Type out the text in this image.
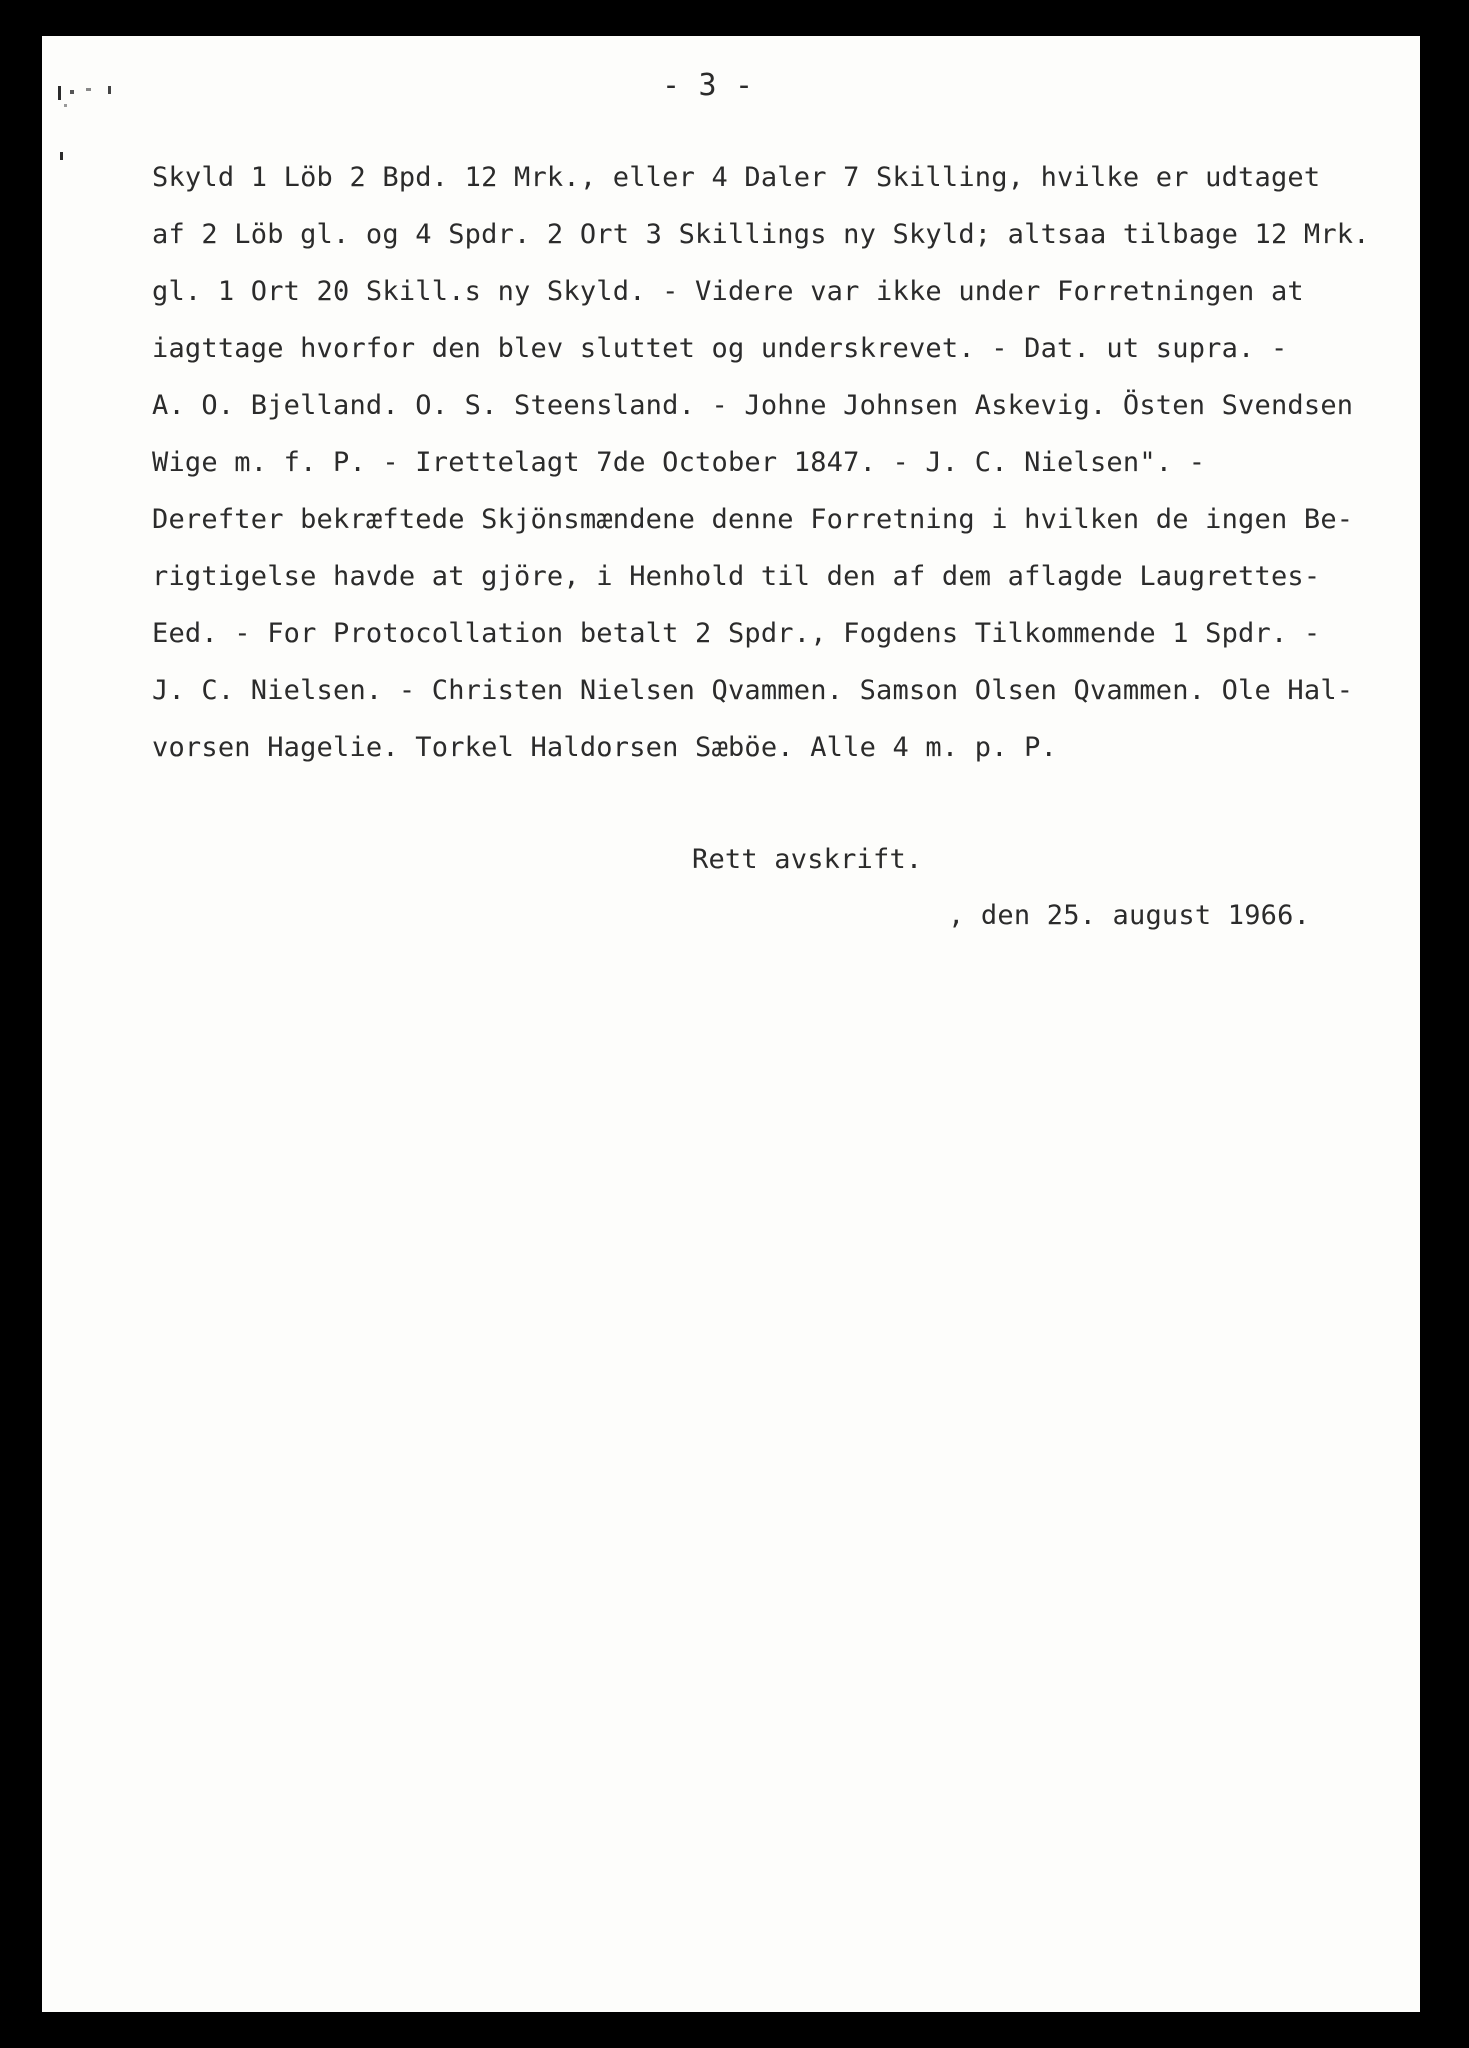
- 3 -
Skyld 1 Löb 2 Bpd. 12 Mrk., eller 4 Daler 7 Skilling, hvilke er udtaget
af 2 Löb gl. og 4 Spdr. 2 Ort 3 Skillings ny Skyld; altsaa tilbage 12 Mrk.
gl. 1 Ort 20 Skill.s ny Skyld. - Videre var ikke under Forretningen at
iagttage hvorfor den blev sluttet og underskrevet. - Dat. ut supra. -
A. O. Bjelland. O. S. Steensland. - Johne Johnsen Askevig. Östen Svendsen
Wige m. f. P. - Irettelagt 7de October 1847. - J. C. Nielsen". -
Derefter bekræftede Skjönsmændene denne Forretning i hvilken de ingen Be-
rigtigelse havde at gjöre, i Henhold til den af dem aflagde Laugrettes-
Eed. - For Protocollation betalt 2 Spdr., Fogdens Tilkommende 1 Spdr. -
J. C. Nielsen. - Christen Nielsen Qvammen. Samson Olsen Qvammen. Ole Hal-
vorsen Hagelie. Torkel Haldorsen Sæböe. Alle 4 m. p. P.
Rett avskrift.
, den 25. august 1966.
